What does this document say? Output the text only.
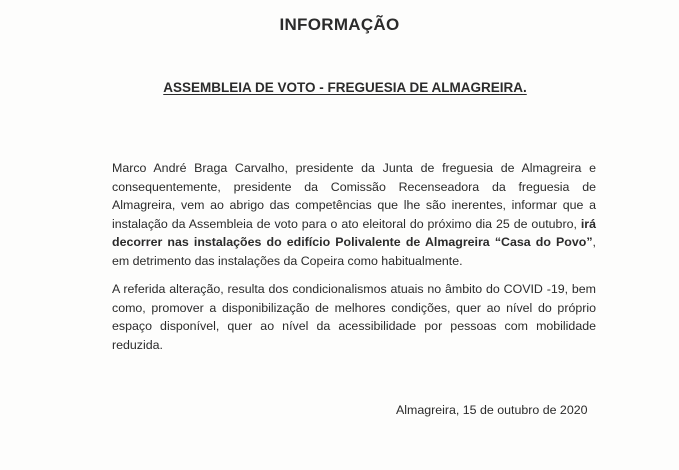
INFORMAÇÃO
ASSEMBLEIA DE VOTO - FREGUESIA DE ALMAGREIRA.

Marco André Braga Carvalho, presidente da Junta de freguesia de Almagreira e consequentemente, presidente da Comissão Recenseadora da freguesia de Almagreira, vem ao abrigo das competências que lhe são inerentes, informar que a instalação da Assembleia de voto para o ato eleitoral do próximo dia 25 de outubro, irá decorrer nas instalações do edifício Polivalente de Almagreira “Casa do Povo”, em detrimento das instalações da Copeira como habitualmente.

A referida alteração, resulta dos condicionalismos atuais no âmbito do COVID -19, bem como, promover a disponibilização de melhores condições, quer ao nível do próprio espaço disponível, quer ao nível da acessibilidade por pessoas com mobilidade reduzida.

Almagreira, 15 de outubro de 2020
